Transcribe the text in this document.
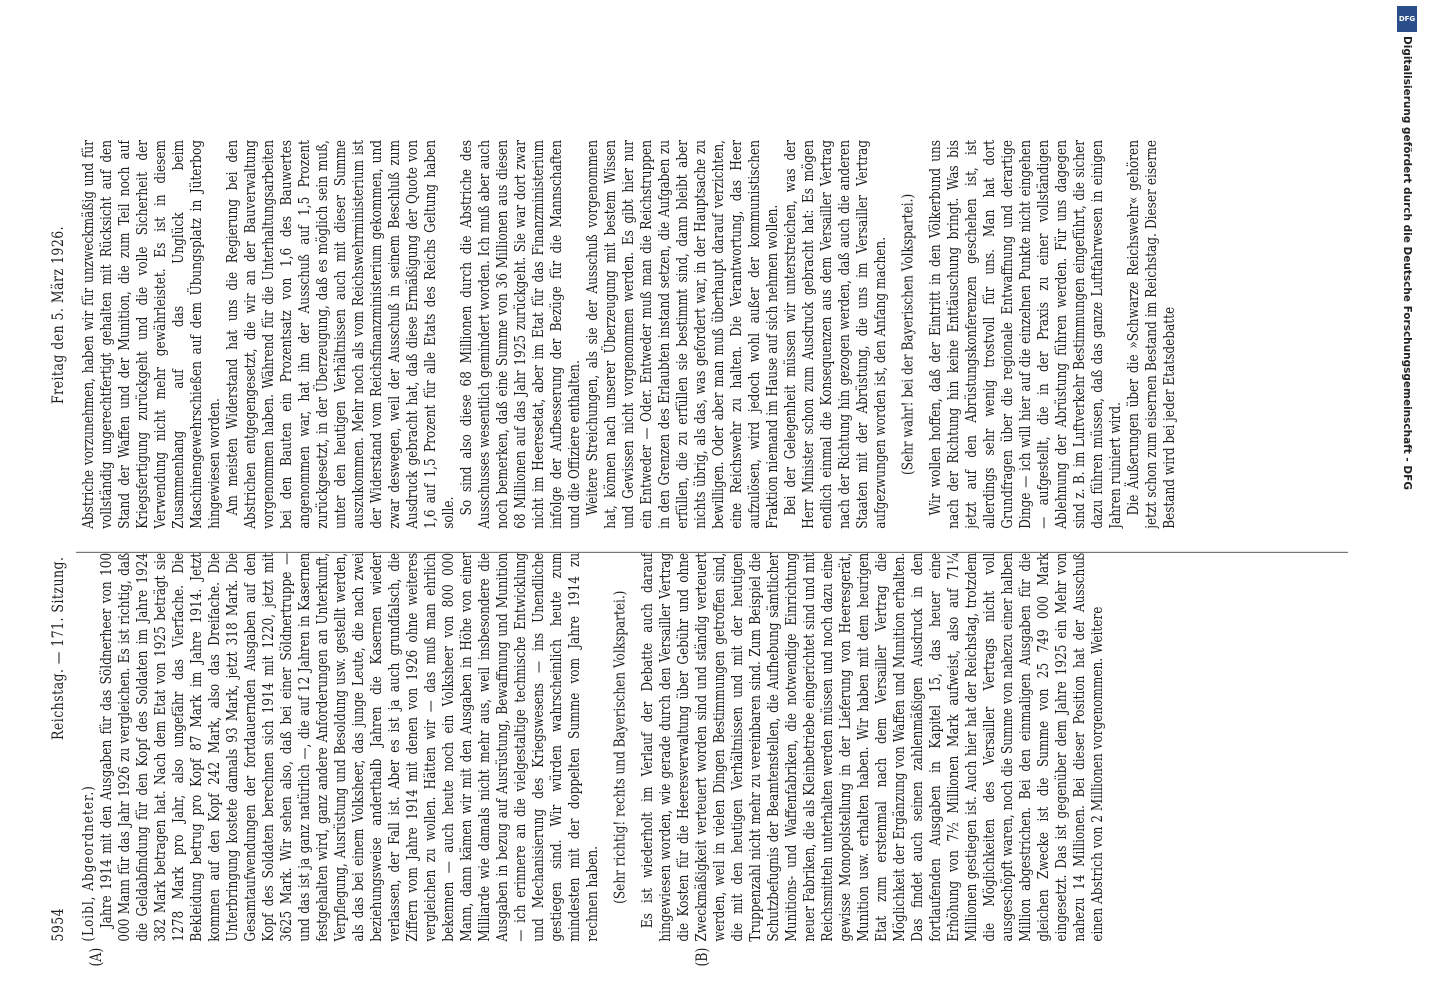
DFG
Digitalisierung gefördert durch die Deutsche Forschungsgemeinschaft - DFG
5954
Reichstag. — 171. Sitzung.
Freitag den 5. März 1926.
(A)	(B)

(Loibl, Abgeordneter.) Jahre 1914 mit den Ausgaben für das Söldnerheer von 100 000 Mann für das Jahr 1926 zu vergleichen. Es ist richtig, daß die Geldabfindung für den Kopf des Soldaten im Jahre 1924 382 Mark betragen hat. Nach dem Etat von 1925 beträgt sie 1278 Mark pro Jahr, also ungefähr das Vierfache. Die Bekleidung betrug pro Kopf 87 Mark im Jahre 1914. Jetzt kommen auf den Kopf 242 Mark, also das Dreifache. Die Unterbringung kostete damals 93 Mark, jetzt 318 Mark. Die Gesamtaufwendungen der fortdauernden Ausgaben auf den Kopf des Soldaten berechnen sich 1914 mit 1220, jetzt mit 3625 Mark. Wir sehen also, daß bei einer Söldnertruppe — und das ist ja ganz natürlich —, die auf 12 Jahren in Kasernen festgehalten wird, ganz andere Anforderungen an Unterkunft, Verpflegung, Ausrüstung und Besoldung usw. gestellt werden, als das bei einem Volksheer, das junge Leute, die nach zwei beziehungsweise anderthalb Jahren die Kasernen wieder verlassen, der Fall ist. Aber es ist ja auch grundfalsch, die Ziffern vom Jahre 1914 mit denen von 1926 ohne weiteres vergleichen zu wollen. Hätten wir — das muß man ehrlich bekennen — auch heute noch ein Volksheer von 800 000 Mann, dann kämen wir mit den Ausgaben in Höhe von einer Milliarde wie damals nicht mehr aus, weil insbesondere die Ausgaben in bezug auf Ausrüstung, Bewaffnung und Munition — ich erinnere an die vielgestaltige technische Entwicklung und Mechanisierung des Kriegswesens — ins Unendliche gestiegen sind. Wir würden wahrscheinlich heute zum mindesten mit der doppelten Summe vom Jahre 1914 zu rechnen haben. (Sehr richtig! rechts und Bayerischen Volkspartei.) Es ist wiederholt im Verlauf der Debatte auch darauf hingewiesen worden, wie gerade durch den Versailler Vertrag die Kosten für die Heeresverwaltung über Gebühr und ohne Zweckmäßigkeit verteuert worden sind und ständig verteuert werden, weil in vielen Dingen Bestimmungen getroffen sind, die mit den heutigen Verhältnissen und mit der heutigen Truppenzahl nicht mehr zu vereinbaren sind. Zum Beispiel die Schutzbefugnis der Beamtenstellen, die Aufhebung sämtlicher Munitions- und Waffenfabriken, die notwendige Einrichtung neuer Fabriken, die als Kleinbetriebe eingerichtet sind und mit Reichsmitteln unterhalten werden müssen und noch dazu eine gewisse Monopolstellung in der Lieferung von Heeresgerät, Munition usw. erhalten haben. Wir haben mit dem heurigen Etat zum erstenmal nach dem Versailler Vertrag die Möglichkeit der Ergänzung von Waffen und Munition erhalten. Das findet auch seinen zahlenmäßigen Ausdruck in den fortlaufenden Ausgaben in Kapitel 15, das heuer eine Erhöhung von 7½ Millionen Mark aufweist, also auf 71¼ Millionen gestiegen ist. Auch hier hat der Reichstag, trotzdem die Möglichkeiten des Versailler Vertrags nicht voll ausgeschöpft waren, noch die Summe von nahezu einer halben Million abgestrichen. Bei den einmaligen Ausgaben für die gleichen Zwecke ist die Summe von 25 749 000 Mark eingesetzt. Das ist gegenüber dem Jahre 1925 ein Mehr von nahezu 14 Millionen. Bei dieser Position hat der Ausschuß einen Abstrich von 2 Millionen vorgenommen. Weitere

Abstriche vorzunehmen, haben wir für unzweckmäßig und für vollständig ungerechtfertigt gehalten mit Rücksicht auf den Stand der Waffen und der Munition, die zum Teil noch auf Kriegsfertigung zurückgeht und die volle Sicherheit der Verwendung nicht mehr gewährleistet. Es ist in diesem Zusammenhang auf das Unglück beim Maschinengewehrschießen auf dem Übungsplatz in Jüterbog hingewiesen worden. Am meisten Widerstand hat uns die Regierung bei den Abstrichen entgegengesetzt, die wir an der Bauverwaltung vorgenommen haben. Während für die Unterhaltungsarbeiten bei den Bauten ein Prozentsatz von 1,6 des Bauwertes angenommen war, hat ihn der Ausschuß auf 1,5 Prozent zurückgesetzt, in der Überzeugung, daß es möglich sein muß, unter den heutigen Verhältnissen auch mit dieser Summe auszukommen. Mehr noch als vom Reichswehrministerium ist der Widerstand vom Reichsfinanzministerium gekommen, und zwar deswegen, weil der Ausschuß in seinem Beschluß zum Ausdruck gebracht hat, daß diese Ermäßigung der Quote von 1,6 auf 1,5 Prozent für alle Etats des Reichs Geltung haben solle. So sind also diese 68 Millionen durch die Abstriche des Ausschusses wesentlich gemindert worden. Ich muß aber auch noch bemerken, daß eine Summe von 36 Millionen aus diesen 68 Millionen auf das Jahr 1925 zurückgeht. Sie war dort zwar nicht im Heeresetat, aber im Etat für das Finanzministerium infolge der Aufbesserung der Bezüge für die Mannschaften und die Offiziere enthalten. Weitere Streichungen, als sie der Ausschuß vorgenommen hat, können nach unserer Überzeugung mit bestem Wissen und Gewissen nicht vorgenommen werden. Es gibt hier nur ein Entweder — Oder. Entweder muß man die Reichstruppen in den Grenzen des Erlaubten instand setzen, die Aufgaben zu erfüllen, die zu erfüllen sie bestimmt sind, dann bleibt aber nichts übrig, als das, was gefordert war, in der Hauptsache zu bewilligen. Oder aber man muß überhaupt darauf verzichten, eine Reichswehr zu halten. Die Verantwortung, das Heer aufzulösen, wird jedoch wohl außer der kommunistischen Fraktion niemand im Hause auf sich nehmen wollen. Bei der Gelegenheit müssen wir unterstreichen, was der Herr Minister schon zum Ausdruck gebracht hat: Es mögen endlich einmal die Konsequenzen aus dem Versailler Vertrag nach der Richtung hin gezogen werden, daß auch die anderen Staaten mit der Abrüstung, die uns im Versailler Vertrag aufgezwungen worden ist, den Anfang machen. (Sehr wahr! bei der Bayerischen Volkspartei.) Wir wollen hoffen, daß der Eintritt in den Völkerbund uns nach der Richtung hin keine Enttäuschung bringt. Was bis jetzt auf den Abrüstungskonferenzen geschehen ist, ist allerdings sehr wenig trostvoll für uns. Man hat dort Grundfragen über die regionale Entwaffnung und derartige Dinge — ich will hier auf die einzelnen Punkte nicht eingehen — aufgestellt, die in der Praxis zu einer vollständigen Ablehnung der Abrüstung führen werden. Für uns dagegen sind z. B. im Luftverkehr Bestimmungen eingeführt, die sicher dazu führen müssen, daß das ganze Luftfahrwesen in einigen Jahren ruiniert wird. Die Äußerungen über die »Schwarze Reichswehr« gehören jetzt schon zum eisernen Bestand im Reichstag. Dieser eiserne Bestand wird bei jeder Etatsdebatte
